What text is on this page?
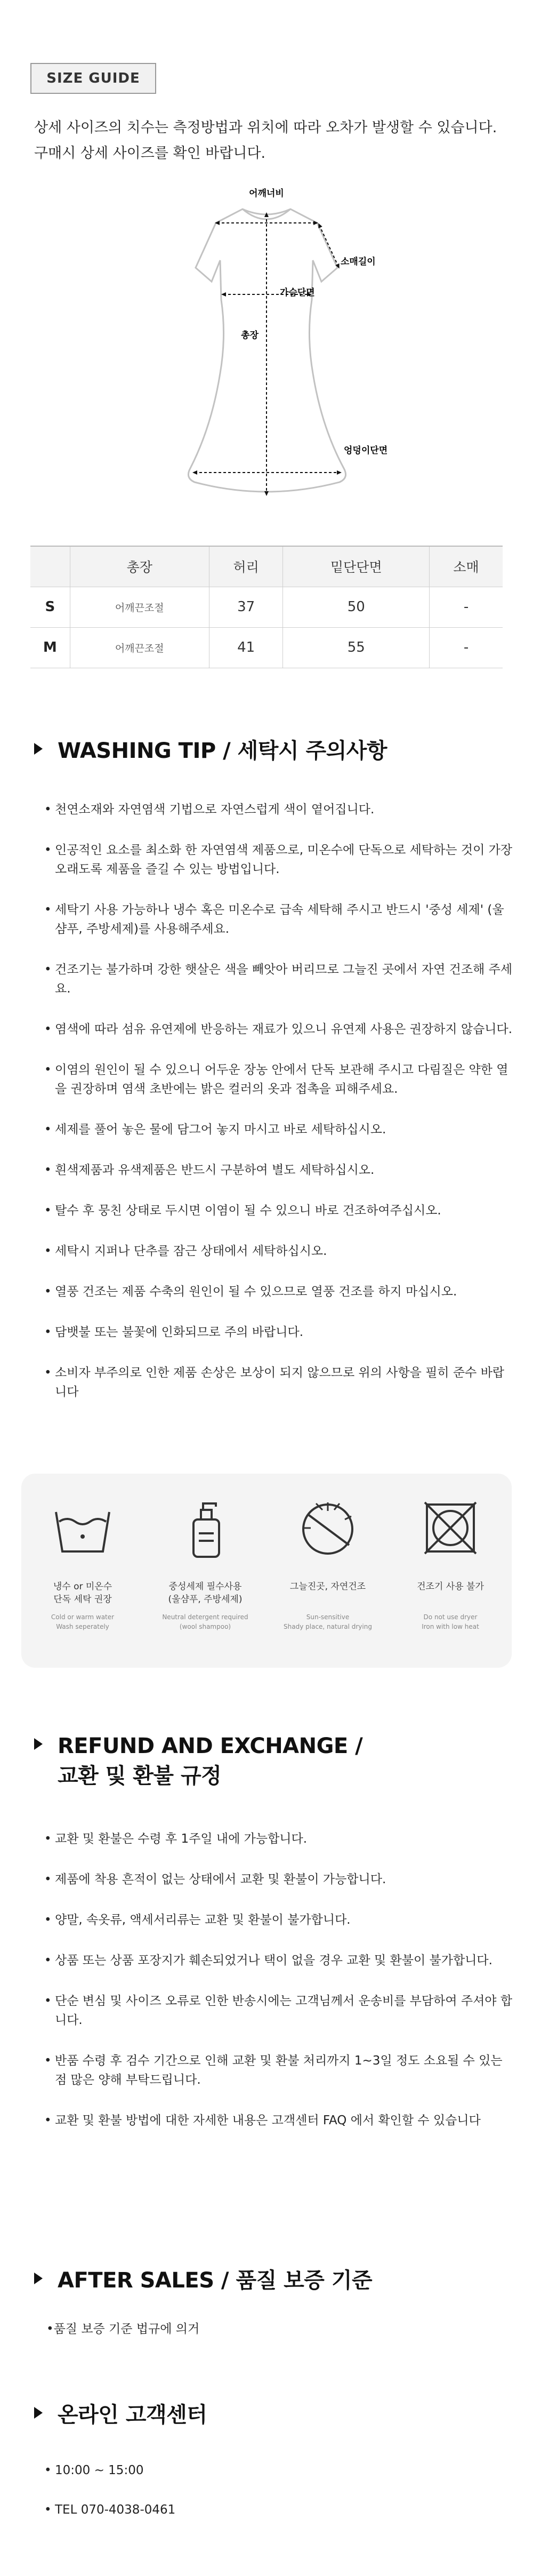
SIZE GUIDE
상세 사이즈의 치수는 측정방법과 위치에 따라 오차가 발생할 수 있습니다.
구매시 상세 사이즈를 확인 바랍니다.
어깨너비
소매길이
가슴단면
총장
엉덩이단면
	총장	허리	밑단단면	소매
S	어깨끈조절	37	50	-
M	어깨끈조절	41	55	-
WASHING TIP / 세탁시 주의사항
• 천연소재와 자연염색 기법으로 자연스럽게 색이 옅어집니다.
• 인공적인 요소를 최소화 한 자연염색 제품으로, 미온수에 단독으로 세탁하는 것이 가장 오래도록 제품을 즐길 수 있는 방법입니다.
• 세탁기 사용 가능하나 냉수 혹은 미온수로 급속 세탁해 주시고 반드시 '중성 세제' (울샴푸, 주방세제)를 사용해주세요.
• 건조기는 불가하며 강한 햇살은 색을 빼앗아 버리므로 그늘진 곳에서 자연 건조해 주세요.
• 염색에 따라 섬유 유연제에 반응하는 재료가 있으니 유연제 사용은 권장하지 않습니다.
• 이염의 원인이 될 수 있으니 어두운 장농 안에서 단독 보관해 주시고 다림질은 약한 열을 권장하며 염색 초반에는 밝은 컬러의 옷과 접촉을 피해주세요.
• 세제를 풀어 놓은 물에 담그어 놓지 마시고 바로 세탁하십시오.
• 흰색제품과 유색제품은 반드시 구분하여 별도 세탁하십시오.
• 탈수 후 뭉친 상태로 두시면 이염이 될 수 있으니 바로 건조하여주십시오.
• 세탁시 지퍼나 단추를 잠근 상태에서 세탁하십시오.
• 열풍 건조는 제품 수축의 원인이 될 수 있으므로 열풍 건조를 하지 마십시오.
• 담뱃불 또는 불꽃에 인화되므로 주의 바랍니다.
• 소비자 부주의로 인한 제품 손상은 보상이 되지 않으므로 위의 사항을 필히 준수 바랍니다
냉수 or 미온수
단독 세탁 권장
Cold or warm water
Wash seperately
중성세제 필수사용
(울샴푸, 주방세제)
Neutral detergent required
(wool shampoo)
그늘진곳, 자연건조
Sun-sensitive
Shady place, natural drying
건조기 사용 불가
Do not use dryer
Iron with low heat
REFUND AND EXCHANGE /
교환 및 환불 규정
• 교환 및 환불은 수령 후 1주일 내에 가능합니다.
• 제품에 착용 흔적이 없는 상태에서 교환 및 환불이 가능합니다.
• 양말, 속옷류, 액세서리류는 교환 및 환불이 불가합니다.
• 상품 또는 상품 포장지가 훼손되었거나 택이 없을 경우 교환 및 환불이 불가합니다.
• 단순 변심 및 사이즈 오류로 인한 반송시에는 고객님께서 운송비를 부담하여 주셔야 합니다.
• 반품 수령 후 검수 기간으로 인해 교환 및 환불 처리까지 1~3일 정도 소요될 수 있는 점 많은 양해 부탁드립니다.
• 교환 및 환불 방법에 대한 자세한 내용은 고객센터 FAQ 에서 확인할 수 있습니다
AFTER SALES / 품질 보증 기준
•품질 보증 기준 법규에 의거
온라인 고객센터
• 10:00 ~ 15:00
• TEL 070-4038-0461
